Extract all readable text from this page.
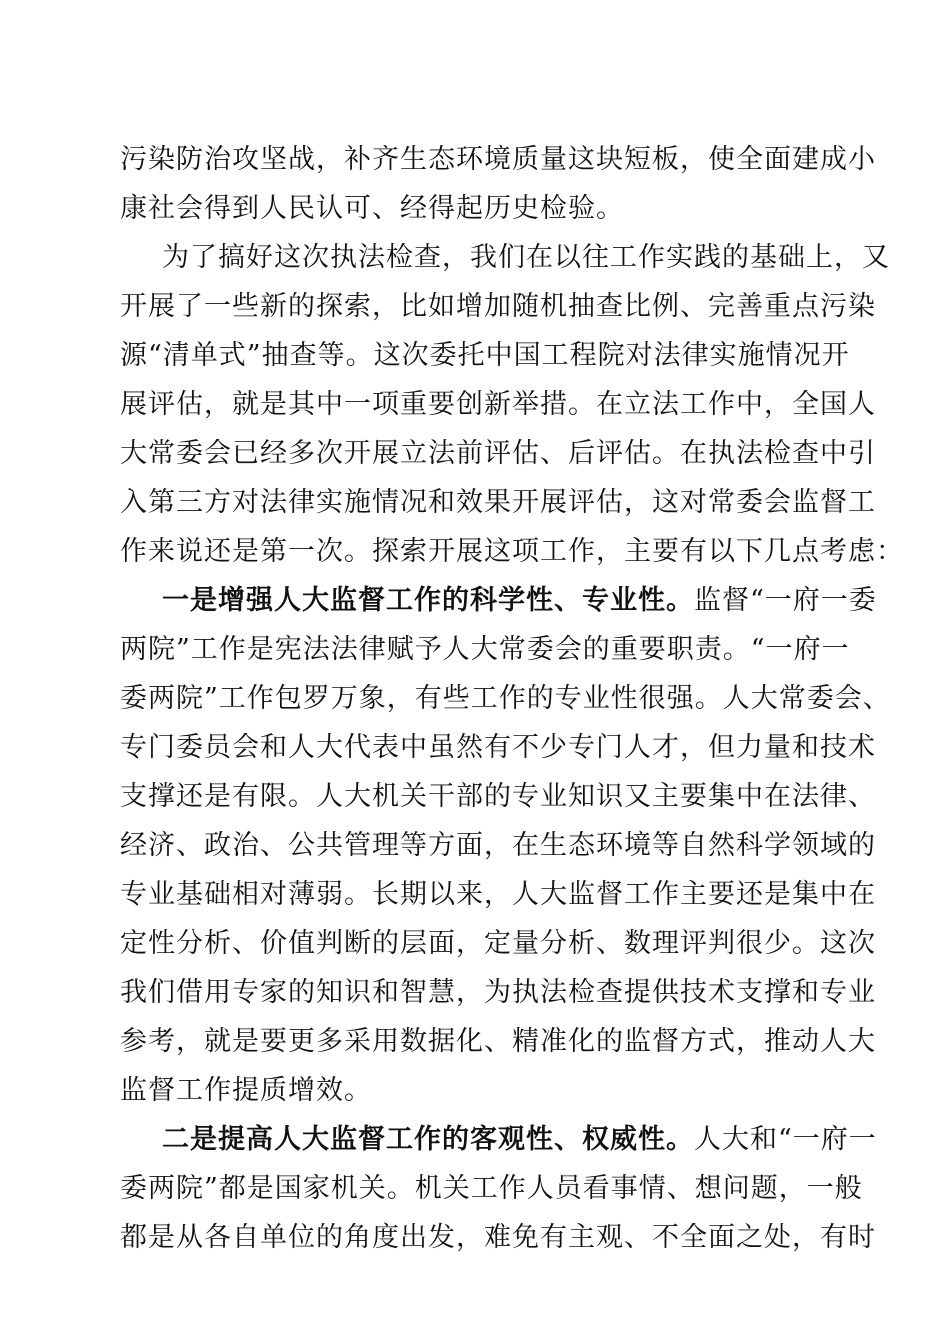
污染防治攻坚战，补齐生态环境质量这块短板，使全面建成小
康社会得到人民认可、经得起历史检验。
为了搞好这次执法检查，我们在以往工作实践的基础上，又
开展了一些新的探索，比如增加随机抽查比例、完善重点污染
源“清单式”抽查等。这次委托中国工程院对法律实施情况开
展评估，就是其中一项重要创新举措。在立法工作中，全国人
大常委会已经多次开展立法前评估、后评估。在执法检查中引
入第三方对法律实施情况和效果开展评估，这对常委会监督工
作来说还是第一次。探索开展这项工作，主要有以下几点考虑：
一是增强人大监督工作的科学性、专业性。监督“一府一委
两院”工作是宪法法律赋予人大常委会的重要职责。“一府一
委两院”工作包罗万象，有些工作的专业性很强。人大常委会、
专门委员会和人大代表中虽然有不少专门人才，但力量和技术
支撑还是有限。人大机关干部的专业知识又主要集中在法律、
经济、政治、公共管理等方面，在生态环境等自然科学领域的
专业基础相对薄弱。长期以来，人大监督工作主要还是集中在
定性分析、价值判断的层面，定量分析、数理评判很少。这次
我们借用专家的知识和智慧，为执法检查提供技术支撑和专业
参考，就是要更多采用数据化、精准化的监督方式，推动人大
监督工作提质增效。
二是提高人大监督工作的客观性、权威性。人大和“一府一
委两院”都是国家机关。机关工作人员看事情、想问题，一般
都是从各自单位的角度出发，难免有主观、不全面之处，有时
